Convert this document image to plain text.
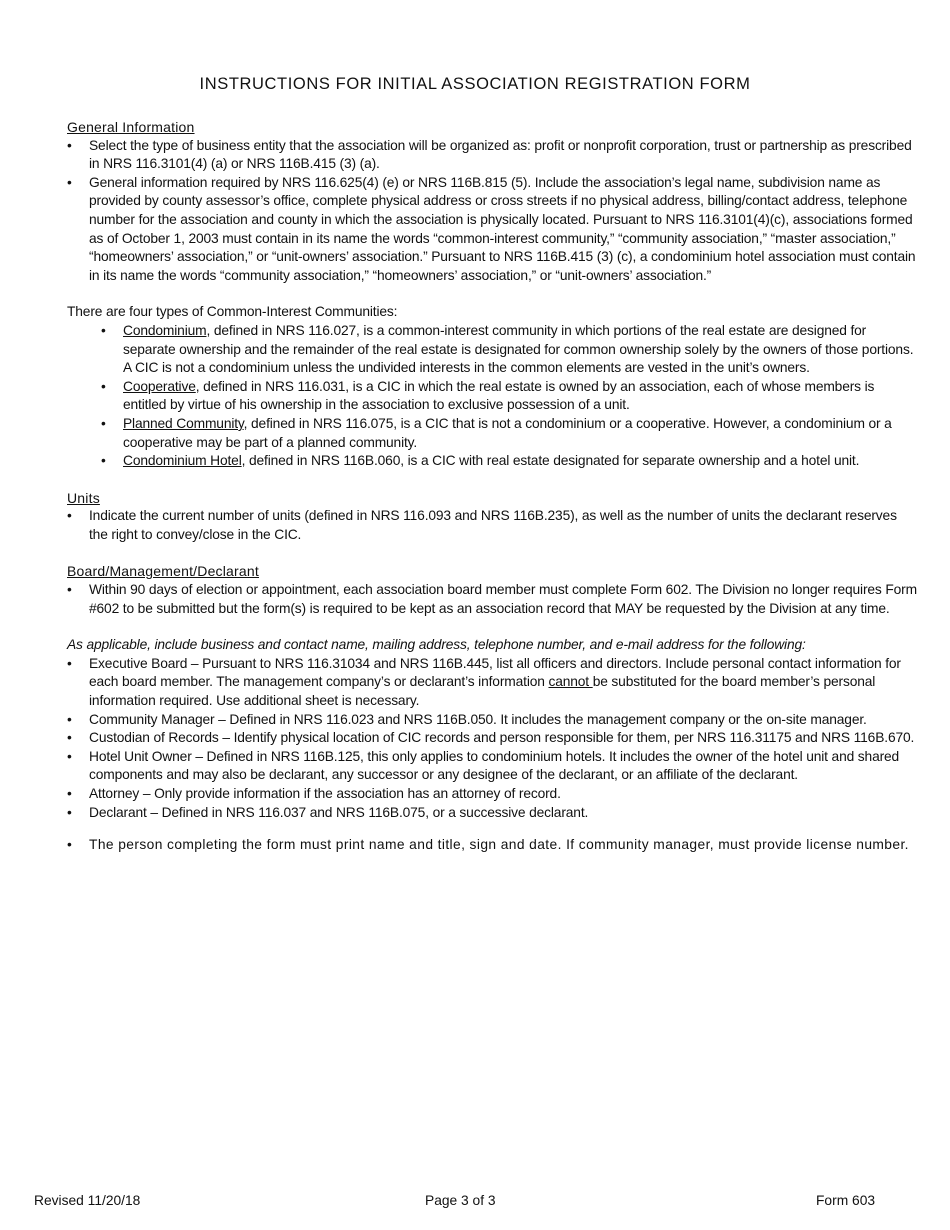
INSTRUCTIONS FOR INITIAL ASSOCIATION REGISTRATION FORM

General Information

• Select the type of business entity that the association will be organized as: profit or nonprofit corporation, trust or partnership as prescribed in NRS 116.3101(4) (a) or NRS 116B.415 (3) (a).
• General information required by NRS 116.625(4) (e) or NRS 116B.815 (5). Include the association’s legal name, subdivision name as provided by county assessor’s office, complete physical address or cross streets if no physical address, billing/contact address, telephone number for the association and county in which the association is physically located. Pursuant to NRS 116.3101(4)(c), associations formed as of October 1, 2003 must contain in its name the words “common-interest community,” “community association,” “master association,” “homeowners’ association,” or “unit-owners’ association.” Pursuant to NRS 116B.415 (3) (c), a condominium hotel association must contain in its name the words “community association,” “homeowners’ association,” or “unit-owners’ association.”

There are four types of Common-Interest Communities:

• Condominium, defined in NRS 116.027, is a common-interest community in which portions of the real estate are designed for separate ownership and the remainder of the real estate is designated for common ownership solely by the owners of those portions. A CIC is not a condominium unless the undivided interests in the common elements are vested in the unit’s owners.
• Cooperative, defined in NRS 116.031, is a CIC in which the real estate is owned by an association, each of whose members is entitled by virtue of his ownership in the association to exclusive possession of a unit.
• Planned Community, defined in NRS 116.075, is a CIC that is not a condominium or a cooperative. However, a condominium or a cooperative may be part of a planned community.
• Condominium Hotel, defined in NRS 116B.060, is a CIC with real estate designated for separate ownership and a hotel unit.

Units

• Indicate the current number of units (defined in NRS 116.093 and NRS 116B.235), as well as the number of units the declarant reserves the right to convey/close in the CIC.

Board/Management/Declarant

• Within 90 days of election or appointment, each association board member must complete Form 602. The Division no longer requires Form #602 to be submitted but the form(s) is required to be kept as an association record that MAY be requested by the Division at any time.

As applicable, include business and contact name, mailing address, telephone number, and e-mail address for the following:

• Executive Board – Pursuant to NRS 116.31034 and NRS 116B.445, list all officers and directors. Include personal contact information for each board member. The management company’s or declarant’s information cannot be substituted for the board member’s personal information required. Use additional sheet is necessary.
• Community Manager – Defined in NRS 116.023 and NRS 116B.050. It includes the management company or the on-site manager.
• Custodian of Records – Identify physical location of CIC records and person responsible for them, per NRS 116.31175 and NRS 116B.670.
• Hotel Unit Owner – Defined in NRS 116B.125, this only applies to condominium hotels. It includes the owner of the hotel unit and shared components and may also be declarant, any successor or any designee of the declarant, or an affiliate of the declarant.
• Attorney – Only provide information if the association has an attorney of record.
• Declarant – Defined in NRS 116.037 and NRS 116B.075, or a successive declarant.
• The person completing the form must print name and title, sign and date. If community manager, must provide license number.
Revised 11/20/18	Page 3 of 3	Form 603
